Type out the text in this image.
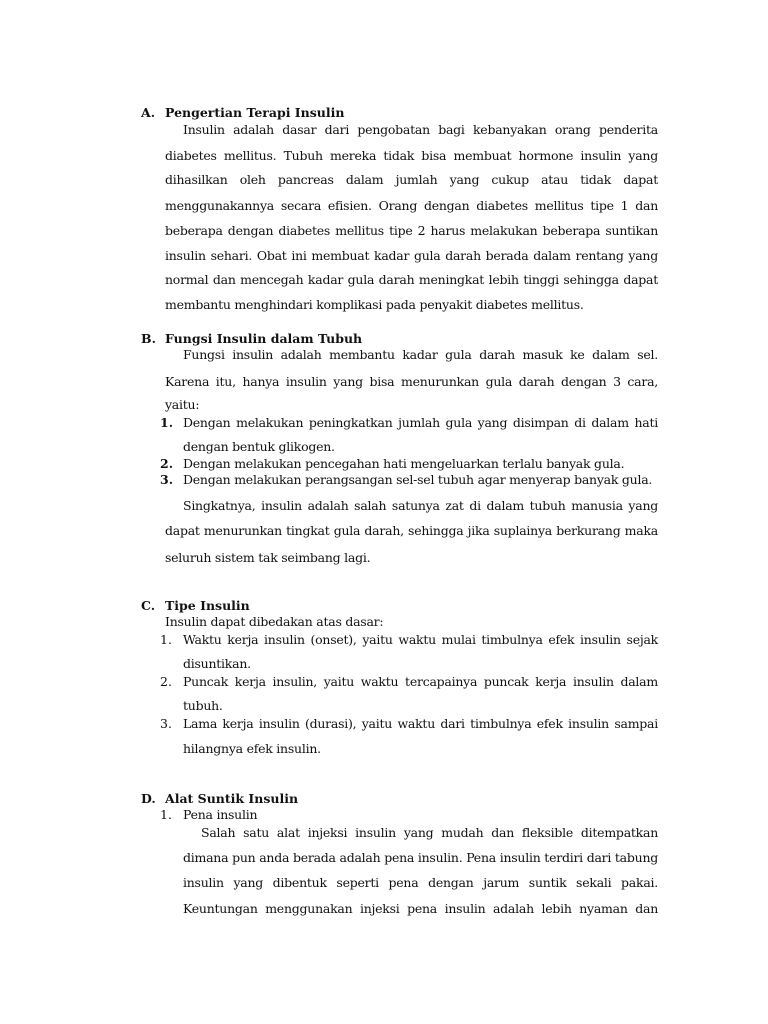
A. Pengertian Terapi Insulin
Insulin adalah dasar dari pengobatan bagi kebanyakan orang penderita
diabetes mellitus. Tubuh mereka tidak bisa membuat hormone insulin yang
dihasilkan oleh pancreas dalam jumlah yang cukup atau tidak dapat
menggunakannya secara efisien. Orang dengan diabetes mellitus tipe 1 dan
beberapa dengan diabetes mellitus tipe 2 harus melakukan beberapa suntikan
insulin sehari. Obat ini membuat kadar gula darah berada dalam rentang yang
normal dan mencegah kadar gula darah meningkat lebih tinggi sehingga dapat
membantu menghindari komplikasi pada penyakit diabetes mellitus.
B. Fungsi Insulin dalam Tubuh
Fungsi insulin adalah membantu kadar gula darah masuk ke dalam sel.
Karena itu, hanya insulin yang bisa menurunkan gula darah dengan 3 cara,
yaitu:
1. Dengan melakukan peningkatkan jumlah gula yang disimpan di dalam hati
dengan bentuk glikogen.
2. Dengan melakukan pencegahan hati mengeluarkan terlalu banyak gula.
3. Dengan melakukan perangsangan sel-sel tubuh agar menyerap banyak gula.
Singkatnya, insulin adalah salah satunya zat di dalam tubuh manusia yang
dapat menurunkan tingkat gula darah, sehingga jika suplainya berkurang maka
seluruh sistem tak seimbang lagi.
C. Tipe Insulin
Insulin dapat dibedakan atas dasar:
1. Waktu kerja insulin (onset), yaitu waktu mulai timbulnya efek insulin sejak
disuntikan.
2. Puncak kerja insulin, yaitu waktu tercapainya puncak kerja insulin dalam
tubuh.
3. Lama kerja insulin (durasi), yaitu waktu dari timbulnya efek insulin sampai
hilangnya efek insulin.
D. Alat Suntik Insulin
1. Pena insulin
Salah satu alat injeksi insulin yang mudah dan fleksible ditempatkan
dimana pun anda berada adalah pena insulin. Pena insulin terdiri dari tabung
insulin yang dibentuk seperti pena dengan jarum suntik sekali pakai.
Keuntungan menggunakan injeksi pena insulin adalah lebih nyaman dan
